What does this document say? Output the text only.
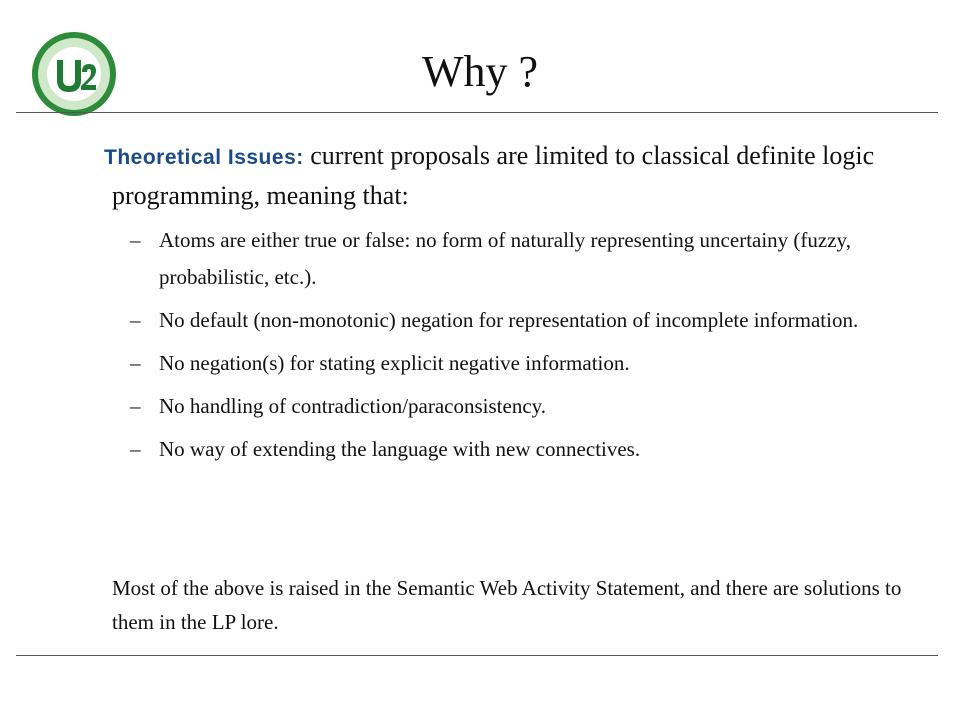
Why ?
Theoretical Issues: current proposals are limited to classical definite logic programming, meaning that:
– Atoms are either true or false: no form of naturally representing uncertainy (fuzzy, probabilistic, etc.).
– No default (non-monotonic) negation for representation of incomplete information.
– No negation(s) for stating explicit negative information.
– No handling of contradiction/paraconsistency.
– No way of extending the language with new connectives.
Most of the above is raised in the Semantic Web Activity Statement, and there are solutions to them in the LP lore.
